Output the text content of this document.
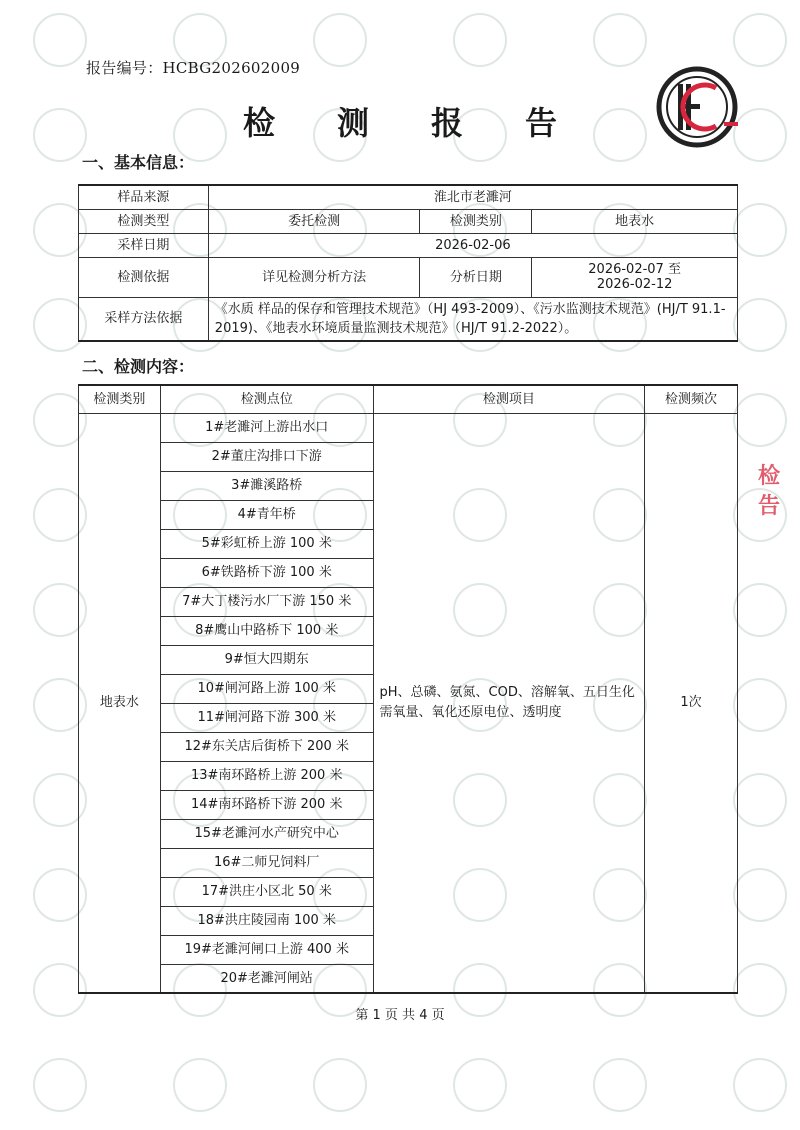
报告编号：HCBG202602009
检测报告
一、基本信息：
样品来源	淮北市老濉河		
检测类型	委托检测	检测类别	地表水
采样日期	2026-02-06		
检测依据	详见检测分析方法	分析日期	2026-02-07 至
2026-02-12

采样方法依据	《水质 样品的保存和管理技术规范》（HJ 493-2009）、《污水监测技术规范》(HJ/T 91.1-2019)、《地表水环境质量监测技术规范》（HJ/T 91.2-2022）。		
二、检测内容：
检测类别	检测点位	检测项目	检测频次
地表水	1#老濉河上游出水口	pH、总磷、氨氮、COD、溶解氧、五日生化需氧量、氧化还原电位、透明度	1次
	2#董庄沟排口下游		
	3#濉溪路桥		
	4#青年桥		
	5#彩虹桥上游 100 米		
	6#铁路桥下游 100 米		
	7#大丁楼污水厂下游 150 米		
	8#鹰山中路桥下 100 米		
	9#恒大四期东		
	10#闸河路上游 100 米		
	11#闸河路下游 300 米		
	12#东关店后街桥下 200 米		
	13#南环路桥上游 200 米		
	14#南环路桥下游 200 米		
	15#老濉河水产研究中心		
	16#二师兄饲料厂		
	17#洪庄小区北 50 米		
	18#洪庄陵园南 100 米		
	19#老濉河闸口上游 400 米		
	20#老濉河闸站		
检
告
第 1 页 共 4 页
